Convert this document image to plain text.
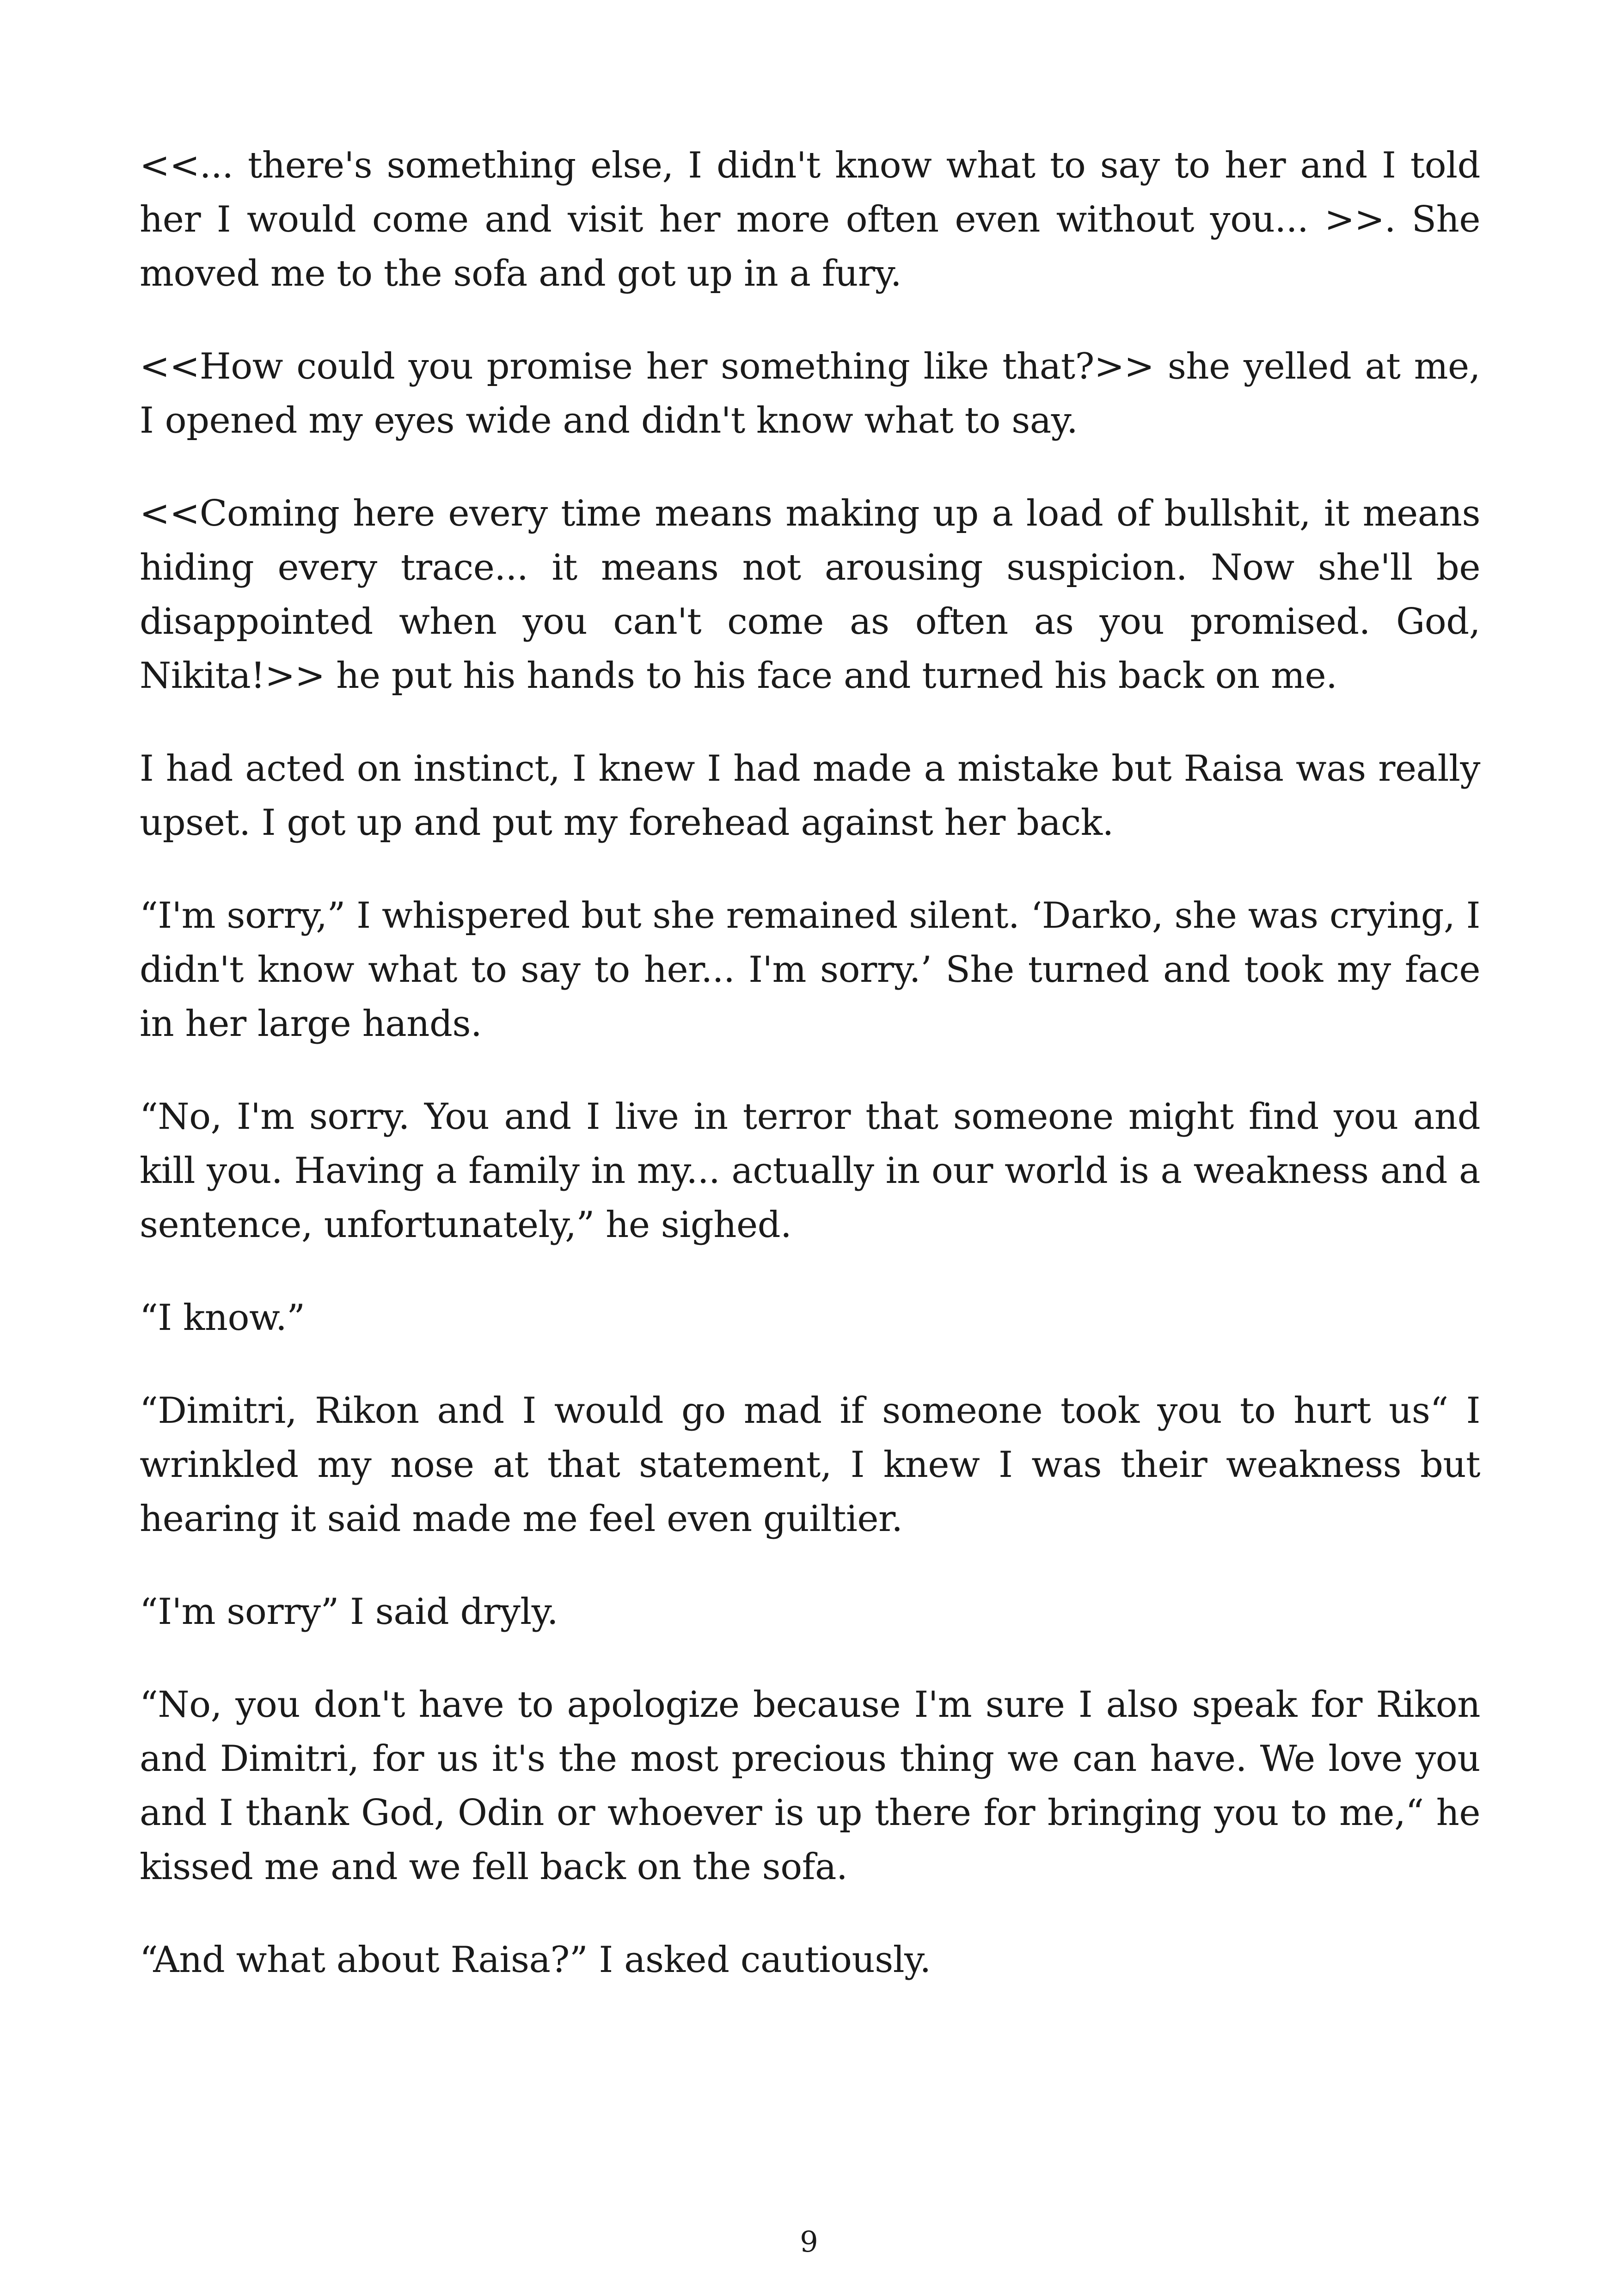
<<... there's something else, I didn't know what to say to her and I told her I would come and visit her more often even without you... >>. She moved me to the sofa and got up in a fury.

<<How could you promise her something like that?>> she yelled at me, I opened my eyes wide and didn't know what to say.

<<Coming here every time means making up a load of bullshit, it means hiding every trace... it means not arousing suspicion. Now she'll be disappointed when you can't come as often as you promised. God, Nikita!>> he put his hands to his face and turned his back on me.

I had acted on instinct, I knew I had made a mistake but Raisa was really upset. I got up and put my forehead against her back.

“I'm sorry,” I whispered but she remained silent. ‘Darko, she was crying, I didn't know what to say to her... I'm sorry.’ She turned and took my face in her large hands.

“No, I'm sorry. You and I live in terror that someone might find you and kill you. Having a family in my... actually in our world is a weakness and a sentence, unfortunately,” he sighed.

“I know.”

“Dimitri, Rikon and I would go mad if someone took you to hurt us“ I wrinkled my nose at that statement, I knew I was their weakness but hearing it said made me feel even guiltier.

“I'm sorry” I said dryly.

“No, you don't have to apologize because I'm sure I also speak for Rikon and Dimitri, for us it's the most precious thing we can have. We love you and I thank God, Odin or whoever is up there for bringing you to me,“ he kissed me and we fell back on the sofa.

“And what about Raisa?” I asked cautiously.

9
